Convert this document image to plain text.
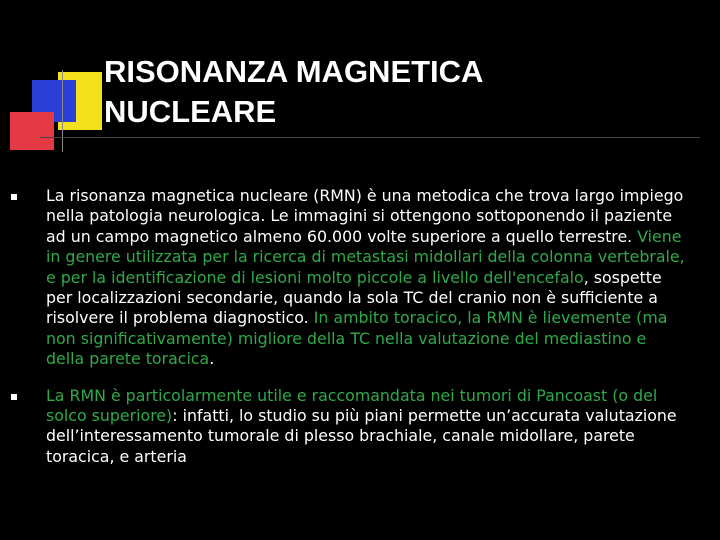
RISONANZA MAGNETICA
NUCLEARE
La risonanza magnetica nucleare (RMN) è una metodica che trova largo impiego nella patologia neurologica. Le immagini si ottengono sottoponendo il paziente ad un campo magnetico almeno 60.000 volte superiore a quello terrestre. Viene in genere utilizzata per la ricerca di metastasi midollari della colonna vertebrale, e per la identificazione di lesioni molto piccole a livello dell'encefalo, sospette per localizzazioni secondarie, quando la sola TC del cranio non è sufficiente a risolvere il problema diagnostico. In ambito toracico, la RMN è lievemente (ma non significativamente) migliore della TC nella valutazione del mediastino e della parete toracica.
La RMN è particolarmente utile e raccomandata nei tumori di Pancoast (o del solco superiore): infatti, lo studio su più piani permette un’accurata valutazione dell’interessamento tumorale di plesso brachiale, canale midollare, parete toracica, e arteria
